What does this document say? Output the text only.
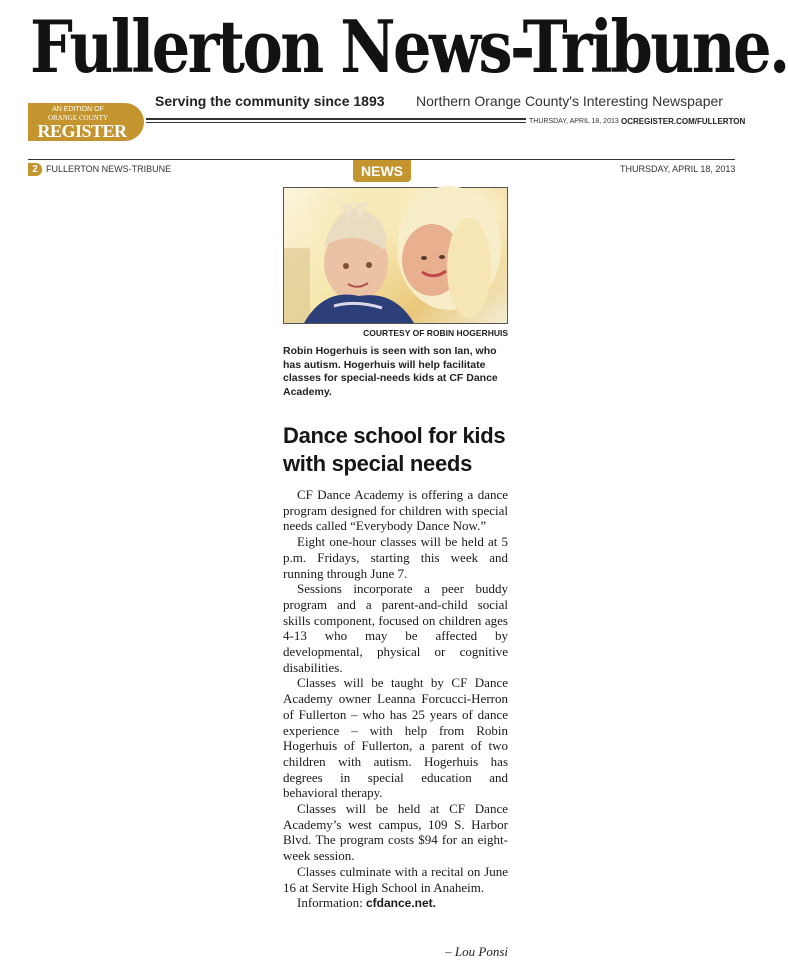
Fullerton News-Tribune.
AN EDITION OF
ORANGE COUNTY
REGISTER
Serving the community since 1893 Northern Orange County's Interesting Newspaper
THURSDAY, APRIL 18, 2013 OCREGISTER.COM/FULLERTON
2 FULLERTON NEWS-TRIBUNE	NEWS	THURSDAY, APRIL 18, 2013
COURTESY OF ROBIN HOGERHUIS
Robin Hogerhuis is seen with son Ian, who has autism. Hogerhuis will help facilitate classes for special-needs kids at CF Dance Academy.
Dance school for kids with special needs

CF Dance Academy is offering a dance program designed for children with special needs called “Everybody Dance Now.”

Eight one-hour classes will be held at 5 p.m. Fridays, starting this week and running through June 7.

Sessions incorporate a peer buddy program and a parent-and-child social skills component, focused on children ages 4-13 who may be affected by developmental, physical or cognitive disabilities.

Classes will be taught by CF Dance Academy owner Leanna Forcucci-Herron of Fullerton – who has 25 years of dance experience – with help from Robin Hogerhuis of Fullerton, a parent of two children with autism. Hogerhuis has degrees in special education and behavioral therapy.

Classes will be held at CF Dance Academy’s west campus, 109 S. Harbor Blvd. The program costs $94 for an eight-week session.

Classes culminate with a recital on June 16 at Servite High School in Anaheim.

Information: cfdance.net.

– Lou Ponsi
